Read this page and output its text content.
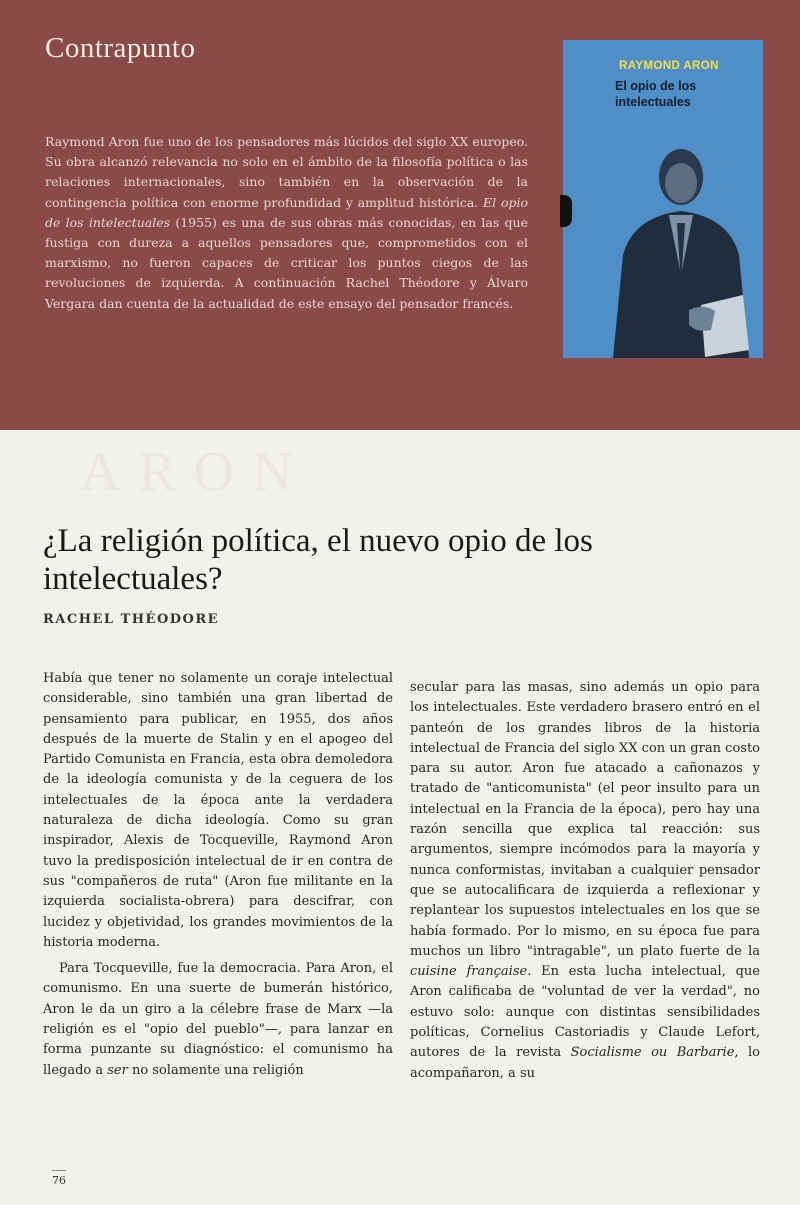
Contrapunto
Raymond Aron fue uno de los pensadores más lúcidos del siglo XX europeo. Su obra alcanzó relevancia no solo en el ámbito de la filosofía política o las relaciones internacionales, sino también en la observación de la contingencia política con enorme profundidad y amplitud histórica. El opio de los intelectuales (1955) es una de sus obras más conocidas, en las que fustiga con dureza a aquellos pensadores que, comprometidos con el marxismo, no fueron capaces de criticar los puntos ciegos de las revoluciones de izquierda. A continuación Rachel Théodore y Álvaro Vergara dan cuenta de la actualidad de este ensayo del pensador francés.
RAYMOND ARON
El opio de los intelectuales
ARON
¿La religión política, el nuevo opio de los intelectuales?
RACHEL THÉODORE

Había que tener no solamente un coraje intelectual considerable, sino también una gran libertad de pensamiento para publicar, en 1955, dos años después de la muerte de Stalin y en el apogeo del Partido Comunista en Francia, esta obra demoledora de la ideología comunista y de la ceguera de los intelectuales de la época ante la verdadera naturaleza de dicha ideología. Como su gran inspirador, Alexis de Tocqueville, Raymond Aron tuvo la predisposición intelectual de ir en contra de sus "compañeros de ruta" (Aron fue militante en la izquierda socialista-obrera) para descifrar, con lucidez y objetividad, los grandes movimientos de la historia moderna.

Para Tocqueville, fue la democracia. Para Aron, el comunismo. En una suerte de bumerán histórico, Aron le da un giro a la célebre frase de Marx —la religión es el "opio del pueblo"—, para lanzar en forma punzante su diagnóstico: el comunismo ha llegado a ser no solamente una religión

secular para las masas, sino además un opio para los intelectuales. Este verdadero brasero entró en el panteón de los grandes libros de la historia intelectual de Francia del siglo XX con un gran costo para su autor. Aron fue atacado a cañonazos y tratado de "anticomunista" (el peor insulto para un intelectual en la Francia de la época), pero hay una razón sencilla que explica tal reacción: sus argumentos, siempre incómodos para la mayoría y nunca conformistas, invitaban a cualquier pensador que se autocalificara de izquierda a reflexionar y replantear los supuestos intelectuales en los que se había formado. Por lo mismo, en su época fue para muchos un libro "intragable", un plato fuerte de la cuisine française. En esta lucha intelectual, que Aron calificaba de "voluntad de ver la verdad", no estuvo solo: aunque con distintas sensibilidades políticas, Cornelius Castoriadis y Claude Lefort, autores de la revista Socialisme ou Barbarie, lo acompañaron, a su

76
